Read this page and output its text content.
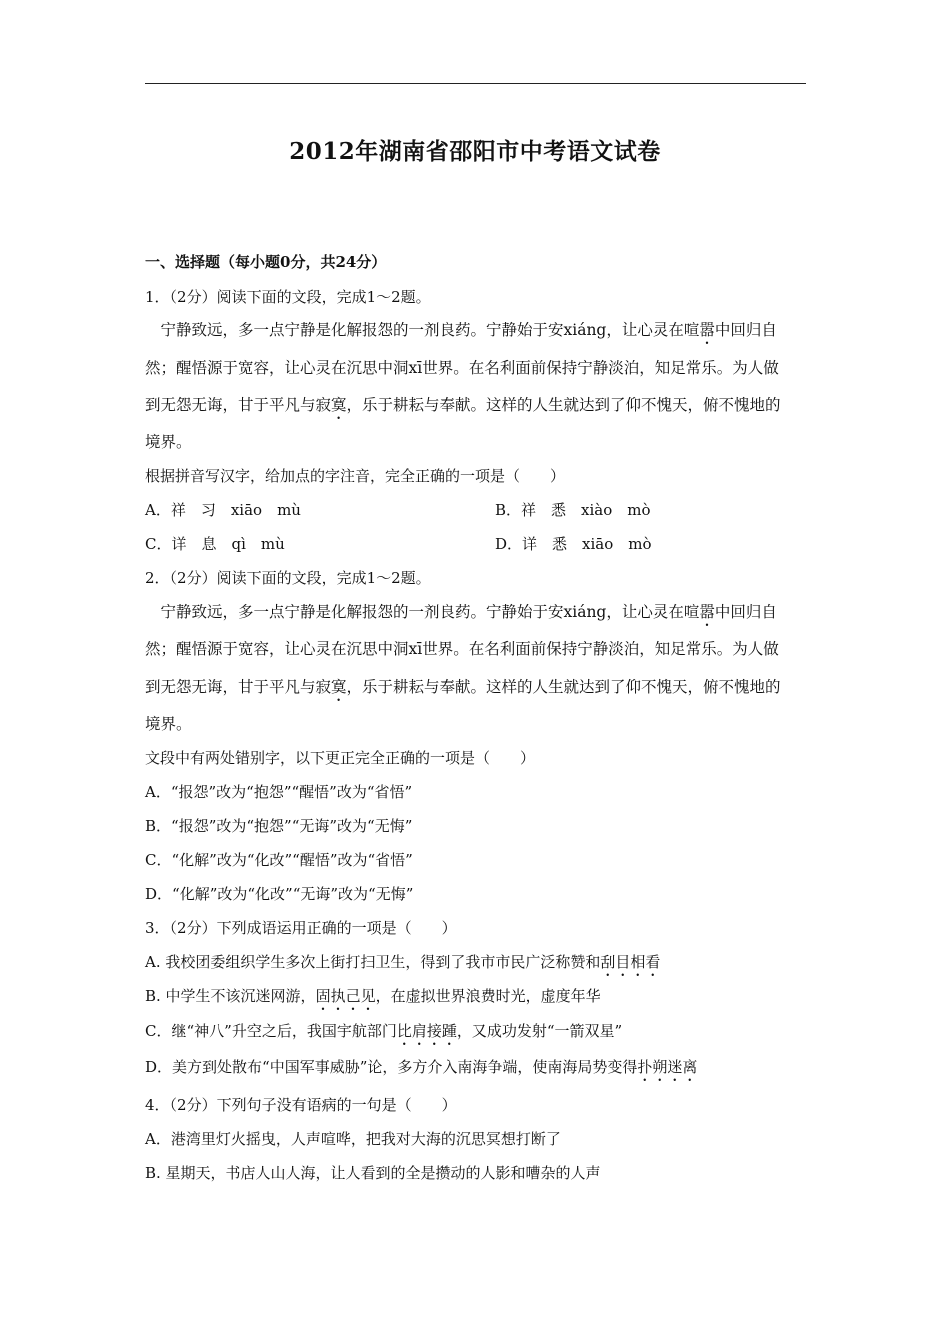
2012年湖南省邵阳市中考语文试卷
一、选择题（每小题0分，共24分）
1．（2分）阅读下面的文段，完成1～2题。
　宁静致远，多一点宁静是化解报怨的一剂良药。宁静始于安xiáng，让心灵在喧嚣中回归自
然；醒悟源于宽容，让心灵在沉思中洞xī世界。在名利面前保持宁静淡泊，知足常乐。为人做
到无怨无诲，甘于平凡与寂寞，乐于耕耘与奉献。这样的人生就达到了仰不愧天，俯不愧地的
境界。
根据拼音写汉字，给加点的字注音，完全正确的一项是（　　）
A．祥　习　xiāo　mù	B．祥　悉　xiào　mò
C．详　息　qì　mù	D．详　悉　xiāo　mò
2．（2分）阅读下面的文段，完成1～2题。
　宁静致远，多一点宁静是化解报怨的一剂良药。宁静始于安xiáng，让心灵在喧嚣中回归自
然；醒悟源于宽容，让心灵在沉思中洞xī世界。在名利面前保持宁静淡泊，知足常乐。为人做
到无怨无诲，甘于平凡与寂寞，乐于耕耘与奉献。这样的人生就达到了仰不愧天，俯不愧地的
境界。
文段中有两处错别字，以下更正完全正确的一项是（　　）
A．“报怨”改为“抱怨”“醒悟”改为“省悟”
B．“报怨”改为“抱怨”“无诲”改为“无悔”
C．“化解”改为“化改”“醒悟”改为“省悟”
D．“化解”改为“化改”“无诲”改为“无悔”
3．（2分）下列成语运用正确的一项是（　　）
A. 我校团委组织学生多次上街打扫卫生，得到了我市市民广泛称赞和刮目相看
B. 中学生不该沉迷网游，固执己见，在虚拟世界浪费时光，虚度年华
C．继“神八”升空之后，我国宇航部门比肩接踵，又成功发射“一箭双星”
D．美方到处散布“中国军事威胁”论，多方介入南海争端，使南海局势变得扑朔迷离
4．（2分）下列句子没有语病的一句是（　　）
A．港湾里灯火摇曳，人声喧哗，把我对大海的沉思冥想打断了
B. 星期天，书店人山人海，让人看到的全是攒动的人影和嘈杂的人声
